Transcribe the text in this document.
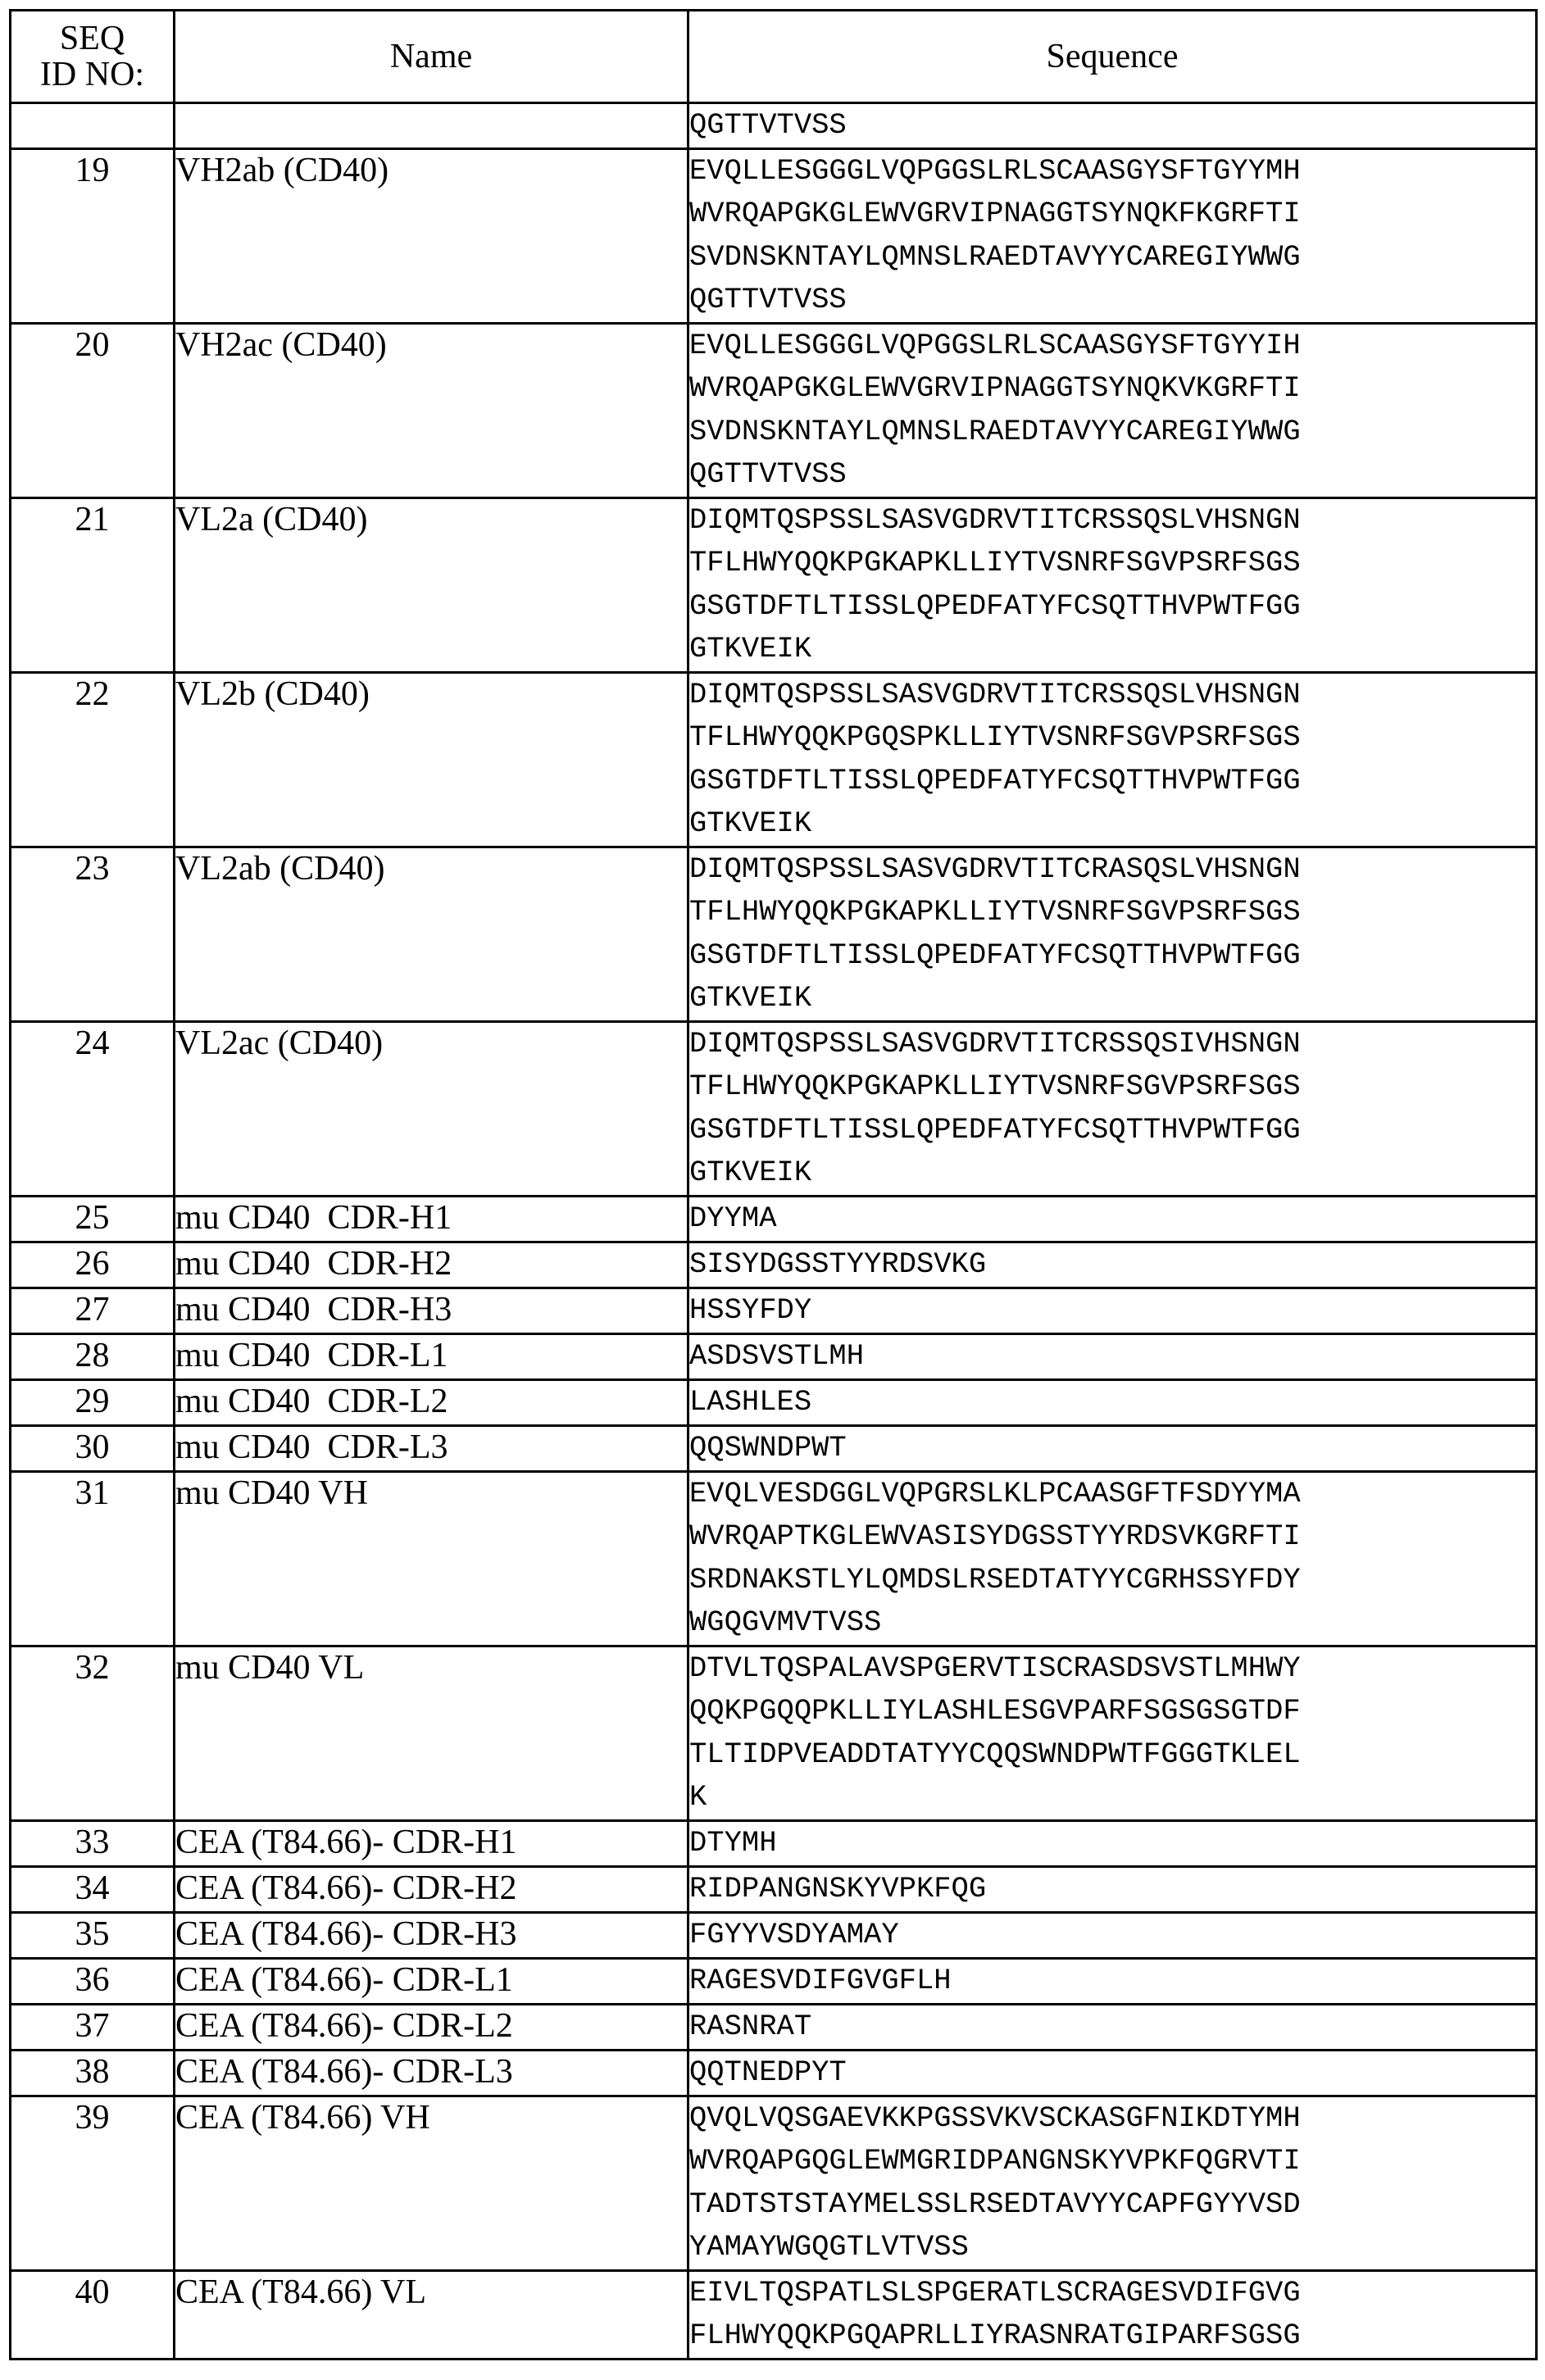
SEQ
ID NO:	Name	Sequence

		QGTTVTVSS

19	VH2ab (CD40)	EVQLLESGGGLVQPGGSLRLSCAASGYSFTGYYMH
WVRQAPGKGLEWVGRVIPNAGGTSYNQKFKGRFTI
SVDNSKNTAYLQMNSLRAEDTAVYYCAREGIYWWG
QGTTVTVSS

20	VH2ac (CD40)	EVQLLESGGGLVQPGGSLRLSCAASGYSFTGYYIH
WVRQAPGKGLEWVGRVIPNAGGTSYNQKVKGRFTI
SVDNSKNTAYLQMNSLRAEDTAVYYCAREGIYWWG
QGTTVTVSS

21	VL2a (CD40)	DIQMTQSPSSLSASVGDRVTITCRSSQSLVHSNGN
TFLHWYQQKPGKAPKLLIYTVSNRFSGVPSRFSGS
GSGTDFTLTISSLQPEDFATYFCSQTTHVPWTFGG
GTKVEIK

22	VL2b (CD40)	DIQMTQSPSSLSASVGDRVTITCRSSQSLVHSNGN
TFLHWYQQKPGQSPKLLIYTVSNRFSGVPSRFSGS
GSGTDFTLTISSLQPEDFATYFCSQTTHVPWTFGG
GTKVEIK

23	VL2ab (CD40)	DIQMTQSPSSLSASVGDRVTITCRASQSLVHSNGN
TFLHWYQQKPGKAPKLLIYTVSNRFSGVPSRFSGS
GSGTDFTLTISSLQPEDFATYFCSQTTHVPWTFGG
GTKVEIK

24	VL2ac (CD40)	DIQMTQSPSSLSASVGDRVTITCRSSQSIVHSNGN
TFLHWYQQKPGKAPKLLIYTVSNRFSGVPSRFSGS
GSGTDFTLTISSLQPEDFATYFCSQTTHVPWTFGG
GTKVEIK

25	mu CD40  CDR-H1	DYYMA

26	mu CD40  CDR-H2	SISYDGSSTYYRDSVKG

27	mu CD40  CDR-H3	HSSYFDY

28	mu CD40  CDR-L1	ASDSVSTLMH

29	mu CD40  CDR-L2	LASHLES

30	mu CD40  CDR-L3	QQSWNDPWT

31	mu CD40 VH	EVQLVESDGGLVQPGRSLKLPCAASGFTFSDYYMA
WVRQAPTKGLEWVASISYDGSSTYYRDSVKGRFTI
SRDNAKSTLYLQMDSLRSEDTATYYCGRHSSYFDY
WGQGVMVTVSS

32	mu CD40 VL	DTVLTQSPALAVSPGERVTISCRASDSVSTLMHWY
QQKPGQQPKLLIYLASHLESGVPARFSGSGSGTDF
TLTIDPVEADDTATYYCQQSWNDPWTFGGGTKLEL
K

33	CEA (T84.66)- CDR-H1	DTYMH

34	CEA (T84.66)- CDR-H2	RIDPANGNSKYVPKFQG

35	CEA (T84.66)- CDR-H3	FGYYVSDYAMAY

36	CEA (T84.66)- CDR-L1	RAGESVDIFGVGFLH

37	CEA (T84.66)- CDR-L2	RASNRAT

38	CEA (T84.66)- CDR-L3	QQTNEDPYT

39	CEA (T84.66) VH	QVQLVQSGAEVKKPGSSVKVSCKASGFNIKDTYMH
WVRQAPGQGLEWMGRIDPANGNSKYVPKFQGRVTI
TADTSTSTAYMELSSLRSEDTAVYYCAPFGYYVSD
YAMAYWGQGTLVTVSS

40	CEA (T84.66) VL	EIVLTQSPATLSLSPGERATLSCRAGESVDIFGVG
FLHWYQQKPGQAPRLLIYRASNRATGIPARFSGSG
